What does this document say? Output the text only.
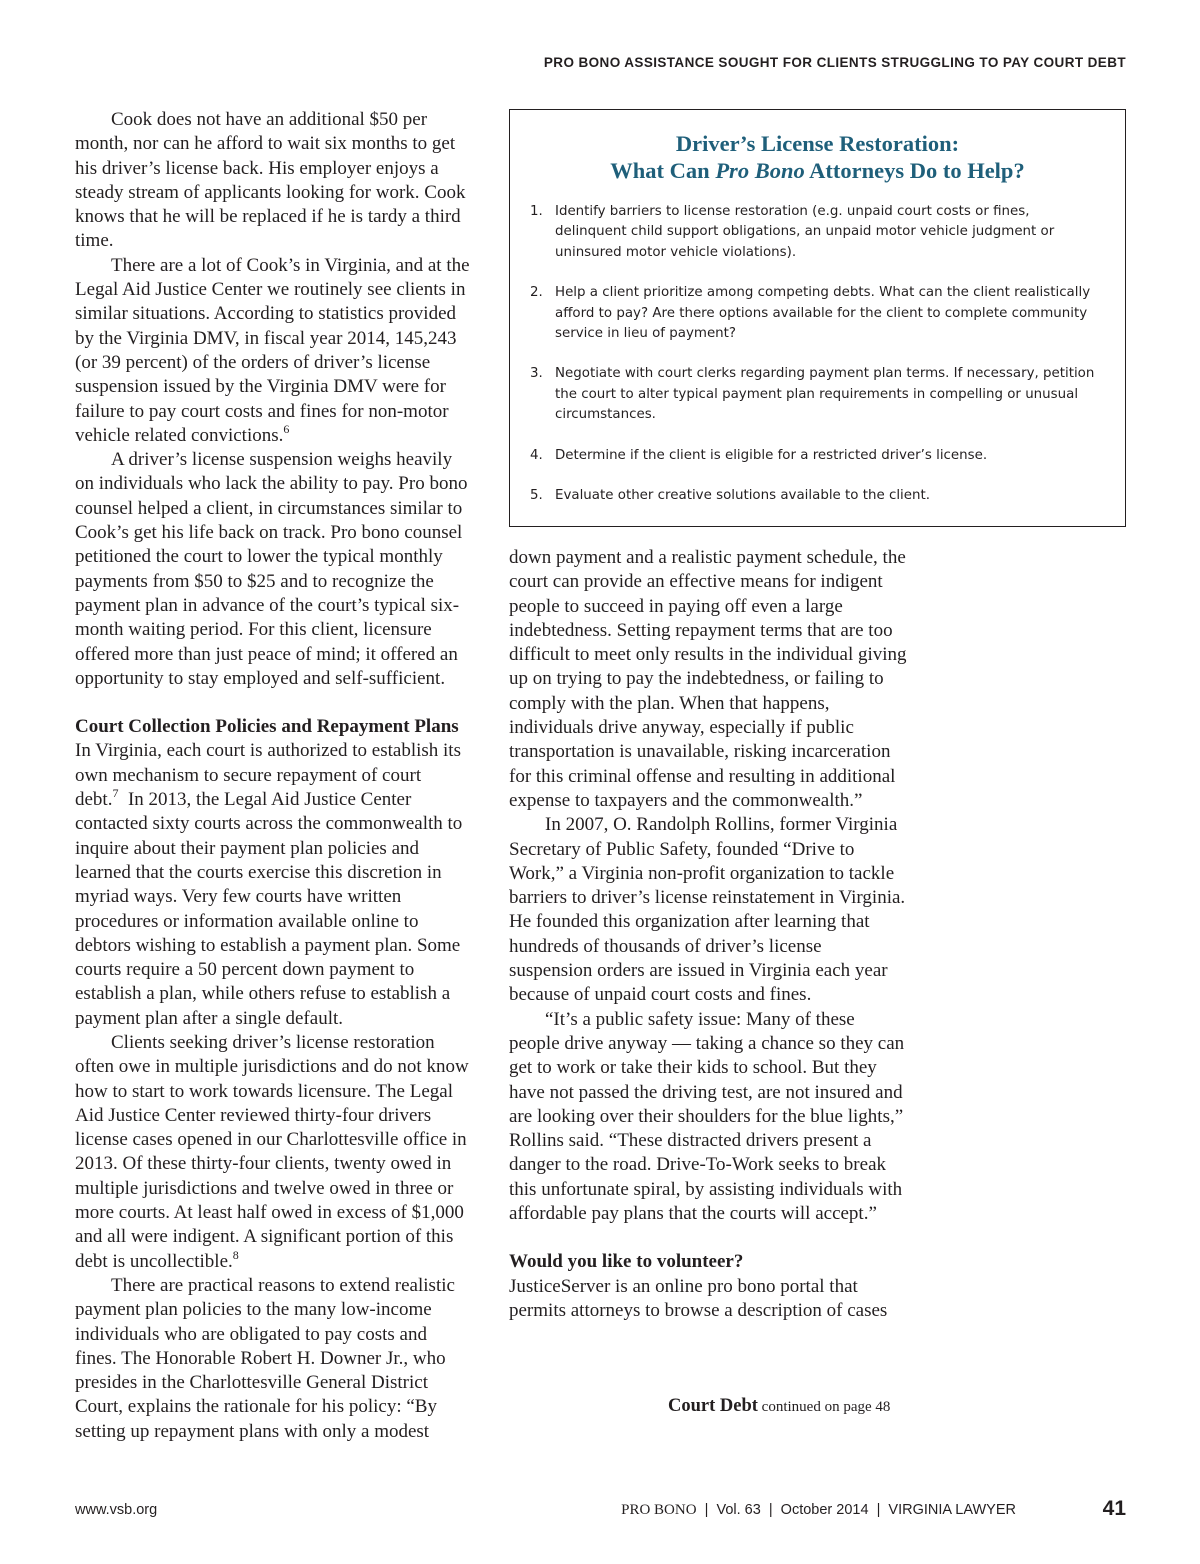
PRO BONO ASSISTANCE SOUGHT FOR CLIENTS STRUGGLING TO PAY COURT DEBT

Cook does not have an additional $50 per month, nor can he afford to wait six months to get his driver’s license back. His employer enjoys a steady stream of applicants looking for work. Cook knows that he will be replaced if he is tardy a third time.

There are a lot of Cook’s in Virginia, and at the Legal Aid Justice Center we routinely see clients in similar situations. According to statistics provided by the Virginia DMV, in fiscal year 2014, 145,243 (or 39 percent) of the orders of driver’s license suspension issued by the Virginia DMV were for failure to pay court costs and fines for non-motor vehicle related convictions.$^6$

A driver’s license suspension weighs heavily on individuals who lack the ability to pay. Pro bono counsel helped a client, in circumstances similar to Cook’s get his life back on track. Pro bono counsel petitioned the court to lower the typical monthly payments from $50 to $25 and to recognize the payment plan in advance of the court’s typical six-month waiting period. For this client, licensure offered more than just peace of mind; it offered an opportunity to stay employed and self-sufficient.

Court Collection Policies and Repayment Plans

In Virginia, each court is authorized to establish its own mechanism to secure repayment of court debt.$^7$ In 2013, the Legal Aid Justice Center contacted sixty courts across the commonwealth to inquire about their payment plan policies and learned that the courts exercise this discretion in myriad ways. Very few courts have written procedures or information available online to debtors wishing to establish a payment plan. Some courts require a 50 percent down payment to establish a plan, while others refuse to establish a payment plan after a single default.

Clients seeking driver’s license restoration often owe in multiple jurisdictions and do not know how to start to work towards licensure. The Legal Aid Justice Center reviewed thirty-four drivers license cases opened in our Charlottesville office in 2013. Of these thirty-four clients, twenty owed in multiple jurisdictions and twelve owed in three or more courts. At least half owed in excess of $1,000 and all were indigent. A significant portion of this debt is uncollectible.$^8$

There are practical reasons to extend realistic payment plan policies to the many low-income individuals who are obligated to pay costs and fines. The Honorable Robert H. Downer Jr., who presides in the Charlottesville General District Court, explains the rationale for his policy: “By setting up repayment plans with only a modest

Driver’s License Restoration:
What Can Pro Bono Attorneys Do to Help?
1. Identify barriers to license restoration (e.g. unpaid court costs or fines, delinquent child support obligations, an unpaid motor vehicle judgment or uninsured motor vehicle violations).
2. Help a client prioritize among competing debts. What can the client realistically afford to pay? Are there options available for the client to complete community service in lieu of payment?
3. Negotiate with court clerks regarding payment plan terms. If necessary, petition the court to alter typical payment plan requirements in compelling or unusual circumstances.
4. Determine if the client is eligible for a restricted driver’s license.
5. Evaluate other creative solutions available to the client.

down payment and a realistic payment schedule, the court can provide an effective means for indigent people to succeed in paying off even a large indebtedness. Setting repayment terms that are too difficult to meet only results in the individual giving up on trying to pay the indebtedness, or failing to comply with the plan. When that happens, individuals drive anyway, especially if public transportation is unavailable, risking incarceration for this criminal offense and resulting in additional expense to taxpayers and the commonwealth.”

In 2007, O. Randolph Rollins, former Virginia Secretary of Public Safety, founded “Drive to Work,” a Virginia non-profit organization to tackle barriers to driver’s license reinstatement in Virginia. He founded this organization after learning that hundreds of thousands of driver’s license suspension orders are issued in Virginia each year because of unpaid court costs and fines.

“It’s a public safety issue: Many of these people drive anyway — taking a chance so they can get to work or take their kids to school. But they have not passed the driving test, are not insured and are looking over their shoulders for the blue lights,” Rollins said. “These distracted drivers present a danger to the road. Drive-To-Work seeks to break this unfortunate spiral, by assisting individuals with affordable pay plans that the courts will accept.”

Would you like to volunteer?

JusticeServer is an online pro bono portal that permits attorneys to browse a description of cases

Court Debt continued on page 48
www.vsb.org	PRO BONO  |  Vol. 63  |  October 2014  |  VIRGINIA LAWYER	41
